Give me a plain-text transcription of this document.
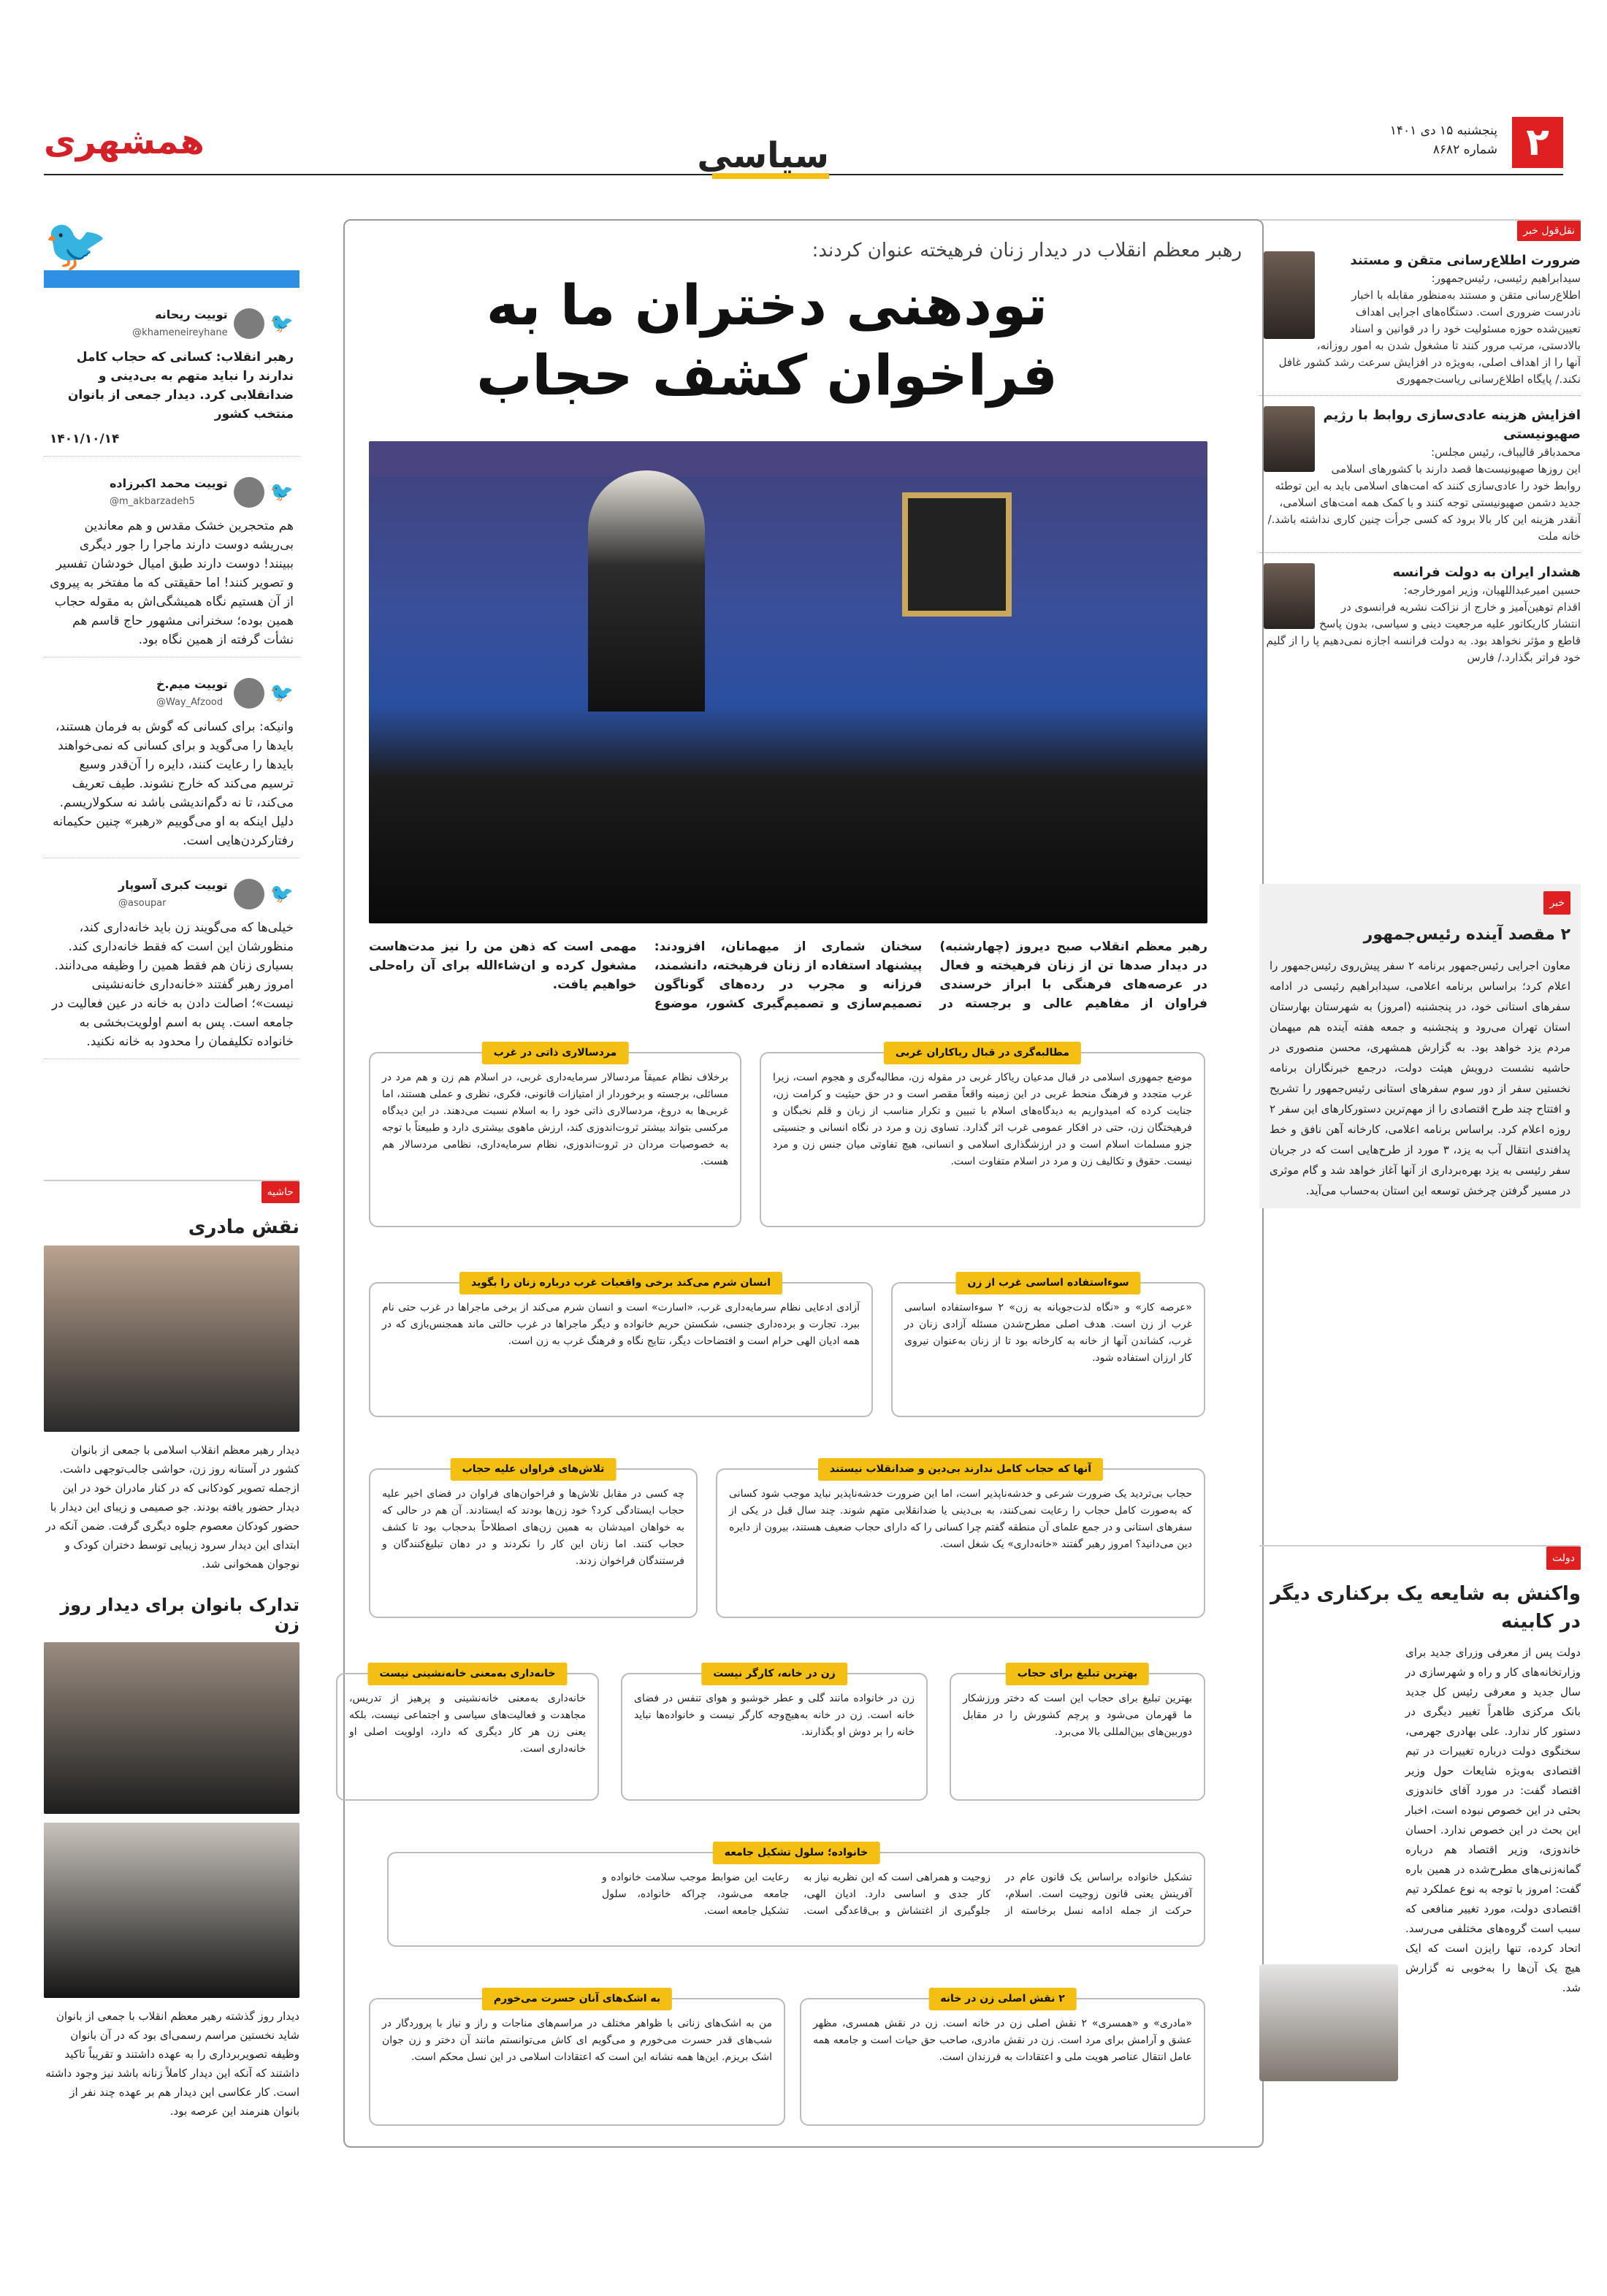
۲
پنجشنبه ۱۵ دی ۱۴۰۱
شماره ۸۶۸۲
همشهری	سیاسی
🐦
🐦
توییت ریحانه
@khameneireyhane
رهبر انقلاب: کسانی که حجاب کامل ندارند را نباید متهم به بی‌دینی و ضدانقلابی کرد. دیدار جمعی از بانوان منتخب کشور
۱۴۰۱/۱۰/۱۴
🐦
توییت محمد اکبرزاده
@m_akbarzadeh5
هم متحجرین خشک مقدس و هم معاندین بی‌ریشه دوست دارند ماجرا را جور دیگری ببینند! دوست دارند طبق امیال خودشان تفسیر و تصویر کنند! اما حقیقتی که ما مفتخر به پیروی از آن هستیم نگاه همیشگی‌اش به مقوله حجاب همین بوده؛ سخنرانی مشهور حاج قاسم هم نشأت گرفته از همین نگاه بود.
🐦
توییت میم.خ
@Way_Afzood
وانیکه: برای کسانی که گوش به فرمان هستند، بایدها را می‌گوید و برای کسانی که نمی‌خواهند بایدها را رعایت کنند، دایره را آن‌قدر وسیع ترسیم می‌کند که خارج نشوند. طیف تعریف می‌کند، تا نه دگم‌اندیشی باشد نه سکولاریسم. دلیل اینکه به او می‌گوییم «رهبر» چنین حکیمانه رفتارکردن‌هایی است.
🐦
توییت کبری آسوپار
@asoupar
خیلی‌ها که می‌گویند زن باید خانه‌داری کند، منظورشان این است که فقط خانه‌داری کند. بسیاری زنان هم فقط همین را وظیفه می‌دانند. امروز رهبر گفتند «خانه‌داری خانه‌نشینی نیست»؛ اصالت دادن به خانه در عین فعالیت در جامعه است. پس به اسم اولویت‌بخشی به خانواده تکلیفمان را محدود به خانه نکنید.
حاشیه
نقش مادری
دیدار رهبر معظم انقلاب اسلامی با جمعی از بانوان کشور در آستانه روز زن، حواشی جالب‌توجهی داشت. ازجمله تصویر کودکانی که در کنار مادران خود در این دیدار حضور یافته بودند. جو صمیمی و زیبای این دیدار با حضور کودکان معصوم جلوه دیگری گرفت. ضمن آنکه در ابتدای این دیدار سرود زیبایی توسط دختران کودک و نوجوان همخوانی شد.
تدارک بانوان برای دیدار روز زن
دیدار روز گذشته رهبر معظم انقلاب با جمعی از بانوان شاید نخستین مراسم رسمی‌ای بود که در آن بانوان وظیفه تصویربرداری را به عهده داشتند و تقریباً تاکید داشتند که آنکه این دیدار کاملاً زنانه باشد نیز وجود داشته است. کار عکاسی این دیدار هم بر عهده چند نفر از بانوان هنرمند این عرصه بود.
رهبر معظم انقلاب در دیدار زنان فرهیخته عنوان کردند:
تودهنی دختران ما به فراخوان کشف حجاب
رهبر معظم انقلاب صبح دیروز (چهارشنبه) در دیدار صدها تن از زنان فرهیخته و فعال در عرصه‌های فرهنگی با ابراز خرسندی فراوان از مفاهیم عالی و برجسته در سخنان شماری از میهمانان، افزودند: پیشنهاد استفاده از زنان فرهیخته، دانشمند، فرزانه و مجرب در رده‌های گوناگون تصمیم‌سازی و تصمیم‌گیری کشور، موضوع مهمی است که ذهن من را نیز مدت‌هاست مشغول کرده و ان‌شاءالله برای آن راه‌حلی خواهیم یافت.
مطالبه‌گری در قبال ریاکاران غربی
موضع جمهوری اسلامی در قبال مدعیان ریاکار غربی در مقوله زن، مطالبه‌گری و هجوم است، زیرا غرب متجدد و فرهنگ منحط غربی در این زمینه واقعاً مقصر است و در حق حیثیت و کرامت زن، جنایت کرده که امیدواریم به دیدگاه‌های اسلام با تبیین و تکرار مناسب از زبان و قلم نخبگان و فرهیختگان زن، حتی در افکار عمومی غرب اثر گذارد. تساوی زن و مرد در نگاه انسانی و جنسیتی جزو مسلمات اسلام است و در ارزشگذاری اسلامی و انسانی، هیچ تفاوتی میان جنس زن و مرد نیست. حقوق و تکالیف زن و مرد در اسلام متفاوت است.
مردسالاری ذاتی در غرب
برخلاف نظام عمیقاً مردسالار سرمایه‌داری غربی، در اسلام هم زن و هم مرد در مسائلی، برجسته و برخوردار از امتیازات قانونی، فکری، نظری و عملی هستند، اما غربی‌ها به دروغ، مردسالاری ذاتی خود را به اسلام نسبت می‌دهند. در این دیدگاه مرکسی بتواند بیشتر ثروت‌اندوزی کند، ارزش ماهوی بیشتری دارد و طبیعتاً با توجه به خصوصیات مردان در ثروت‌اندوزی، نظام سرمایه‌داری، نظامی مردسالار هم هست.
سوءاستفاده اساسی غرب از زن
«عرصه کار» و «نگاه لذت‌جویانه به زن» ۲ سوءاستفاده اساسی غرب از زن است. هدف اصلی مطرح‌شدن مسئله آزادی زنان در غرب، کشاندن آنها از خانه به کارخانه بود تا از زنان به‌عنوان نیروی کار ارزان استفاده شود.
انسان شرم می‌کند برخی واقعیات غرب درباره زنان را بگوید
آزادی ادعایی نظام سرمایه‌داری غرب، «اسارت» است و انسان شرم می‌کند از برخی ماجراها در غرب حتی نام ببرد. تجارت و برده‌داری جنسی، شکستن حریم خانواده و دیگر ماجراها در غرب حالتی ماند همجنس‌بازی که در همه ادیان الهی حرام است و افتضاحات دیگر، نتایج نگاه و فرهنگ غرب به زن است.
آنها که حجاب کامل ندارند بی‌دین و ضدانقلاب نیستند
حجاب بی‌تردید یک ضرورت شرعی و خدشه‌ناپذیر است، اما این ضرورت خدشه‌ناپذیر نباید موجب شود کسانی که به‌صورت کامل حجاب را رعایت نمی‌کنند، به بی‌دینی یا ضدانقلابی متهم شوند. چند سال قبل در یکی از سفرهای استانی و در جمع علمای آن منطقه گفتم چرا کسانی را که دارای حجاب ضعیف هستند، بیرون از دایره دین می‌دانید؟ امروز رهبر گفتند «خانه‌داری» یک شغل است.
تلاش‌های فراوان علیه حجاب
چه کسی در مقابل تلاش‌ها و فراخوان‌های فراوان در فضای اخیر علیه حجاب ایستادگی کرد؟ خود زن‌ها بودند که ایستادند. آن هم در حالی که به خواهان امیدشان به همین زن‌های اصطلاحاً بدحجاب بود تا کشف حجاب کنند. اما زنان این کار را نکردند و در دهان تبلیغ‌کنندگان و فرستندگان فراخوان زدند.
بهترین تبلیغ برای حجاب
بهترین تبلیغ برای حجاب این است که دختر ورزشکار ما قهرمان می‌شود و پرچم کشورش را در مقابل دوربین‌های بین‌المللی بالا می‌برد.
زن در خانه، کارگر نیست
زن در خانواده مانند گلی و عطر خوشبو و هوای تنفس در فضای خانه است. زن در خانه به‌هیچ‌وجه کارگر نیست و خانواده‌ها نباید خانه را بر دوش او بگذارند.
خانه‌داری به‌معنی خانه‌نشینی نیست
خانه‌داری به‌معنی خانه‌نشینی و پرهیز از تدریس، مجاهدت و فعالیت‌های سیاسی و اجتماعی نیست، بلکه یعنی زن هر کار دیگری که دارد، اولویت اصلی او خانه‌داری است.
خانواده؛ سلول تشکیل جامعه
تشکیل خانواده براساس یک قانون عام در آفرینش یعنی قانون زوجیت است. اسلام، حرکت از جمله ادامه نسل برخاسته از زوجیت و همراهی است که این نظریه نیاز به کار جدی و اساسی دارد. ادیان الهی، جلوگیری از اغتشاش و بی‌قاعدگی است. رعایت این ضوابط موجب سلامت خانواده و جامعه می‌شود، چراکه خانواده، سلول تشکیل جامعه است.
۲ نقش اصلی زن در خانه
«مادری» و «همسری» ۲ نقش اصلی زن در خانه است. زن در نقش همسری، مظهر عشق و آرامش برای مرد است. زن در نقش مادری، صاحب حق حیات است و جامعه همه عامل انتقال عناصر هویت ملی و اعتقادات به فرزندان است.
به اشک‌های آنان حسرت می‌خورم
من به اشک‌های زنانی با ظواهر مختلف در مراسم‌های مناجات و راز و نیاز با پروردگار در شب‌های قدر حسرت می‌خورم و می‌گویم ای کاش می‌توانستم مانند آن دختر و زن جوان اشک بریزم. این‌ها همه نشانه این است که اعتقادات اسلامی در این نسل محکم است.
نقل‌قول خبر
ضرورت اطلاع‌رسانی متقن و مستند
سیدابراهیم رئیسی، رئیس‌جمهور:
اطلاع‌رسانی متقن و مستند به‌منظور مقابله با اخبار نادرست ضروری است. دستگاه‌های اجرایی اهداف تعیین‌شده حوزه مسئولیت خود را در قوانین و اسناد بالادستی، مرتب مرور کنند تا مشغول شدن به امور روزانه، آنها را از اهداف اصلی، به‌ویژه در افزایش سرعت رشد کشور غافل نکند./ پایگاه اطلاع‌رسانی ریاست‌جمهوری
افزایش هزینه عادی‌سازی روابط با رژیم صهیونیستی
محمدباقر قالیباف، رئیس مجلس:
این روزها صهیونیست‌ها قصد دارند با کشورهای اسلامی روابط خود را عادی‌سازی کنند که امت‌های اسلامی باید به این توطئه جدید دشمن صهیونیستی توجه کنند و با کمک همه امت‌های اسلامی، آنقدر هزینه این کار بالا برود که کسی جرأت چنین کاری نداشته باشد./ خانه ملت
هشدار ایران به دولت فرانسه
حسین امیرعبداللهیان، وزیر امورخارجه:
اقدام توهین‌آمیز و خارج از نزاکت نشریه فرانسوی در انتشار کاریکاتور علیه مرجعیت دینی و سیاسی، بدون پاسخ قاطع و مؤثر نخواهد بود. به دولت فرانسه اجازه نمی‌دهیم پا را از گلیم خود فراتر بگذارد./ فارس
خبر
۲ مقصد آینده رئیس‌جمهور
معاون اجرایی رئیس‌جمهور برنامه ۲ سفر پیش‌روی رئیس‌جمهور را اعلام کرد؛ براساس برنامه اعلامی، سیدابراهیم رئیسی در ادامه سفرهای استانی خود، در پنجشنبه (امروز) به شهرستان بهارستان استان تهران می‌رود و پنجشنبه و جمعه هفته آینده هم میهمان مردم یزد خواهد بود. به گزارش همشهری، محسن منصوری در حاشیه نشست درویش هیئت دولت، درجمع خبرنگاران برنامه نخستین سفر از دور سوم سفرهای استانی رئیس‌جمهور را تشریح و افتتاح چند طرح اقتصادی را از مهم‌ترین دستورکارهای این سفر ۲ روزه اعلام کرد. براساس برنامه اعلامی، کارخانه آهن نافق و خط پدافندی انتقال آب به یزد، ۳ مورد از طرح‌هایی است که در جریان سفر رئیسی به یزد بهره‌برداری از آنها آغاز خواهد شد و گام موثری در مسیر گرفتن چرخش توسعه این استان به‌حساب می‌آید.
دولت
واکنش به شایعه یک برکناری دیگر در کابینه
دولت پس از معرفی وزرای جدید برای وزارتخانه‌های کار و راه و شهرسازی در سال جدید و معرفی رئیس کل جدید بانک مرکزی ظاهراً تغییر دیگری در دستور کار ندارد. علی بهادری جهرمی، سخنگوی دولت درباره تغییرات در تیم اقتصادی به‌ویژه شایعات حول وزیر اقتصاد گفت: در مورد آقای خاندوزی بحثی در این خصوص نبوده است، اخبار این بحث در این خصوص ندارد. احسان خاندوزی، وزیر اقتصاد هم درباره گمانه‌زنی‌های مطرح‌شده در همین باره گفت: امروز با توجه به نوع عملکرد تیم اقتصادی دولت، مورد تغییر منافعی که سبب است گروه‌های مختلفی می‌رسد. اتحاد کرده، تنها رایزن است که ایک هیچ یک آن‌ها را به‌خوبی نه گزارش شد.
